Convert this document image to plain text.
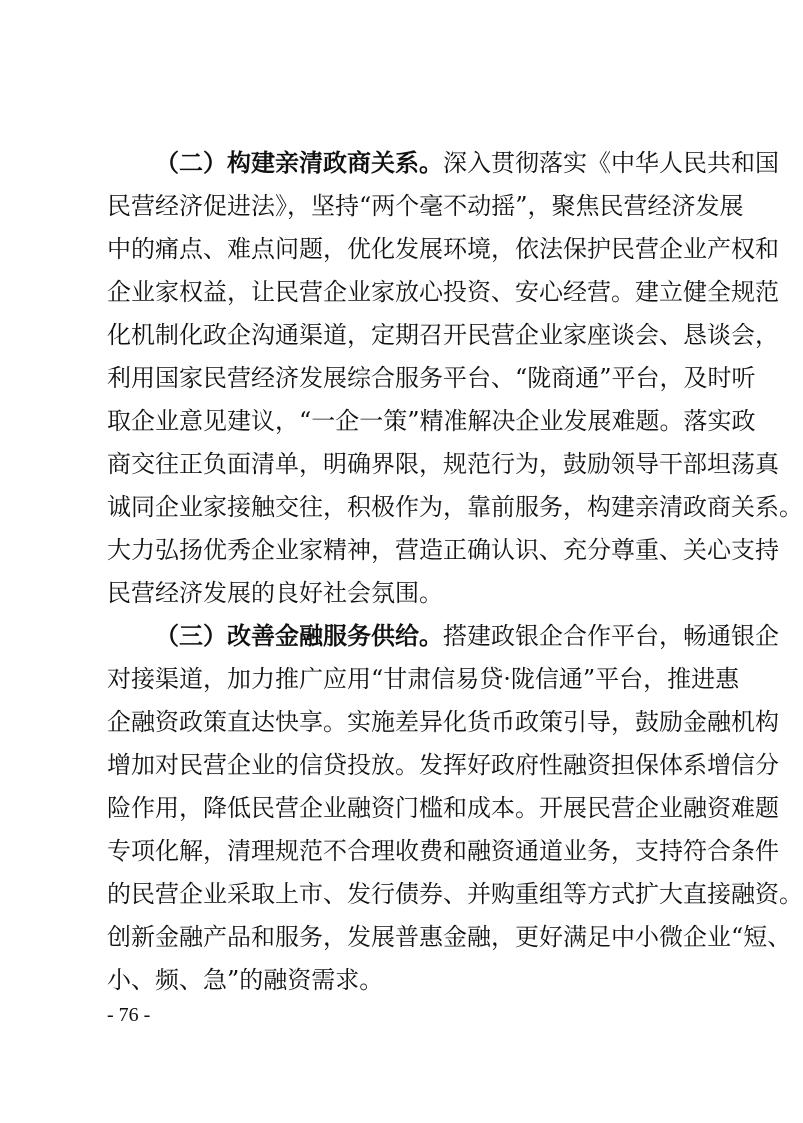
（二）构建亲清政商关系。深入贯彻落实《中华人民共和国
民营经济促进法》，坚持“两个毫不动摇”，聚焦民营经济发展
中的痛点、难点问题，优化发展环境，依法保护民营企业产权和
企业家权益，让民营企业家放心投资、安心经营。建立健全规范
化机制化政企沟通渠道，定期召开民营企业家座谈会、恳谈会，
利用国家民营经济发展综合服务平台、“陇商通”平台，及时听
取企业意见建议，“一企一策”精准解决企业发展难题。落实政
商交往正负面清单，明确界限，规范行为，鼓励领导干部坦荡真
诚同企业家接触交往，积极作为，靠前服务，构建亲清政商关系。
大力弘扬优秀企业家精神，营造正确认识、充分尊重、关心支持
民营经济发展的良好社会氛围。
（三）改善金融服务供给。搭建政银企合作平台，畅通银企
对接渠道，加力推广应用“甘肃信易贷·陇信通”平台，推进惠
企融资政策直达快享。实施差异化货币政策引导，鼓励金融机构
增加对民营企业的信贷投放。发挥好政府性融资担保体系增信分
险作用，降低民营企业融资门槛和成本。开展民营企业融资难题
专项化解，清理规范不合理收费和融资通道业务，支持符合条件
的民营企业采取上市、发行债券、并购重组等方式扩大直接融资。
创新金融产品和服务，发展普惠金融，更好满足中小微企业“短、
小、频、急”的融资需求。
- 76 -
